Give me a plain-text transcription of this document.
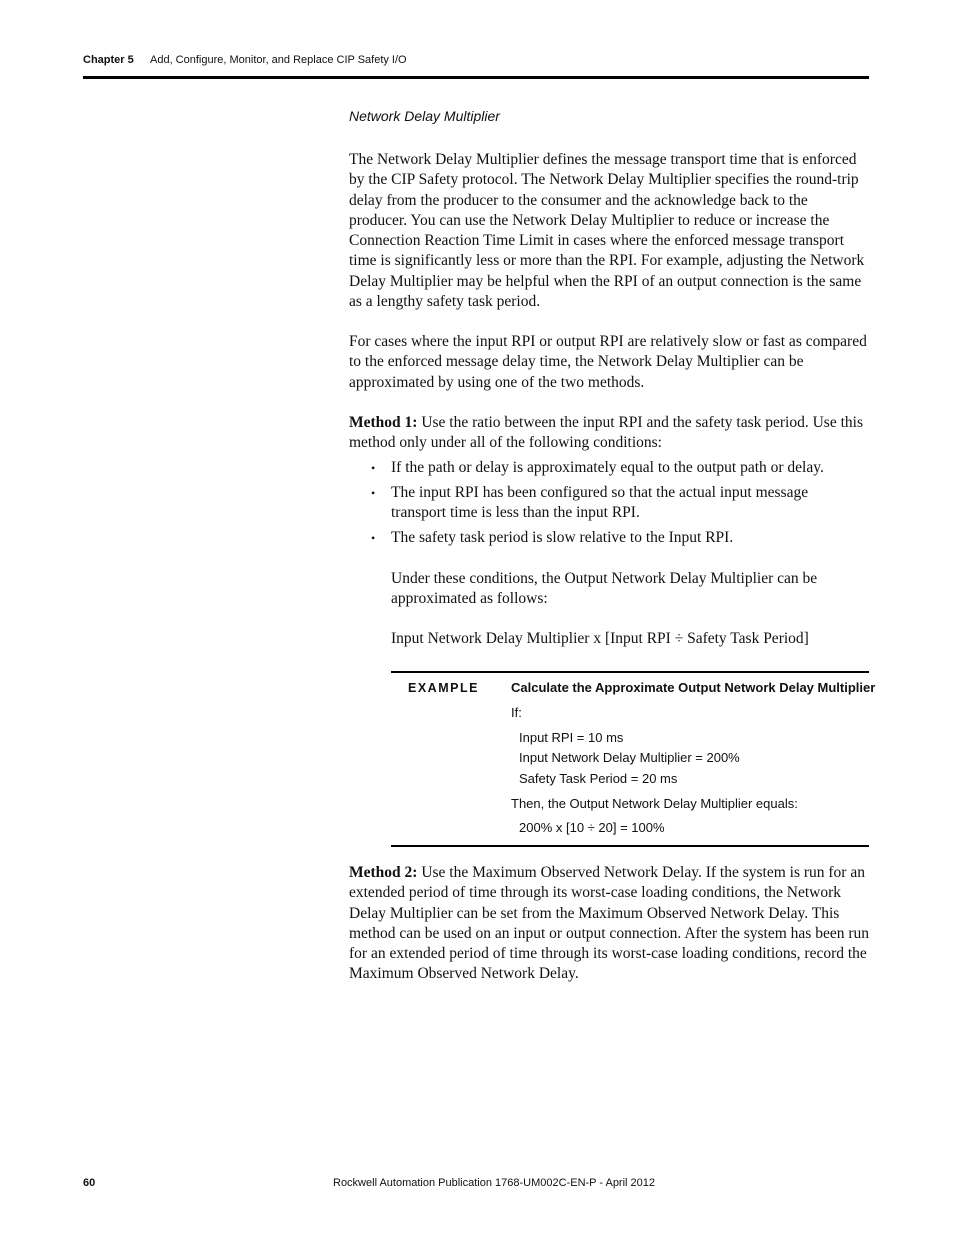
Chapter 5 Add, Configure, Monitor, and Replace CIP Safety I/O
Network Delay Multiplier

The Network Delay Multiplier defines the message transport time that is enforced by the CIP Safety protocol. The Network Delay Multiplier specifies the round-trip delay from the producer to the consumer and the acknowledge back to the producer. You can use the Network Delay Multiplier to reduce or increase the Connection Reaction Time Limit in cases where the enforced message transport time is significantly less or more than the RPI. For example, adjusting the Network Delay Multiplier may be helpful when the RPI of an output connection is the same as a lengthy safety task period.

For cases where the input RPI or output RPI are relatively slow or fast as compared to the enforced message delay time, the Network Delay Multiplier can be approximated by using one of the two methods.

Method 1: Use the ratio between the input RPI and the safety task period. Use this method only under all of the following conditions:

• If the path or delay is approximately equal to the output path or delay.
• The input RPI has been configured so that the actual input message transport time is less than the input RPI.
• The safety task period is slow relative to the Input RPI.

Under these conditions, the Output Network Delay Multiplier can be approximated as follows:

Input Network Delay Multiplier x [Input RPI ÷ Safety Task Period]

EXAMPLE Calculate the Approximate Output Network Delay Multiplier
If:
Input RPI = 10 ms
Input Network Delay Multiplier = 200%
Safety Task Period = 20 ms
Then, the Output Network Delay Multiplier equals:
200% x [10 ÷ 20] = 100%

Method 2: Use the Maximum Observed Network Delay. If the system is run for an extended period of time through its worst-case loading conditions, the Network Delay Multiplier can be set from the Maximum Observed Network Delay. This method can be used on an input or output connection. After the system has been run for an extended period of time through its worst-case loading conditions, record the Maximum Observed Network Delay.

60	Rockwell Automation Publication 1768-UM002C-EN-P - April 2012
